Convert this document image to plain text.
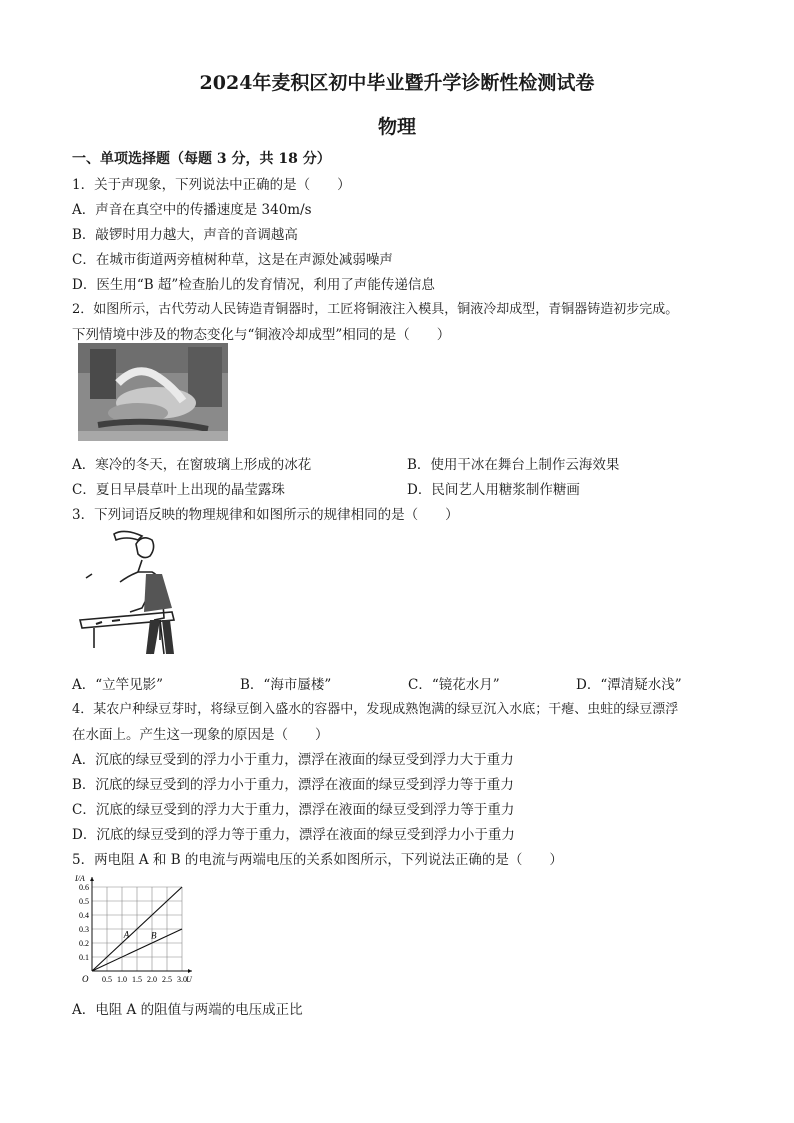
2024年麦积区初中毕业暨升学诊断性检测试卷
物理
一、单项选择题（每题 3 分，共 18 分）
1．关于声现象，下列说法中正确的是（　　）
A．声音在真空中的传播速度是 340m/s
B．敲锣时用力越大，声音的音调越高
C．在城市街道两旁植树种草，这是在声源处减弱噪声
D．医生用“B 超”检查胎儿的发育情况，利用了声能传递信息
2．如图所示，古代劳动人民铸造青铜器时，工匠将铜液注入模具，铜液冷却成型，青铜器铸造初步完成。
下列情境中涉及的物态变化与“铜液冷却成型”相同的是（　　）
A．寒冷的冬天，在窗玻璃上形成的冰花	B．使用干冰在舞台上制作云海效果
C．夏日早晨草叶上出现的晶莹露珠	D．民间艺人用糖浆制作糖画
3．下列词语反映的物理规律和如图所示的规律相同的是（　　）
A．“立竿见影”	B．“海市蜃楼”	C．“镜花水月”	D．“潭清疑水浅”
4．某农户种绿豆芽时，将绿豆倒入盛水的容器中，发现成熟饱满的绿豆沉入水底；干瘪、虫蛀的绿豆漂浮
在水面上。产生这一现象的原因是（　　）
A．沉底的绿豆受到的浮力小于重力，漂浮在液面的绿豆受到浮力大于重力
B．沉底的绿豆受到的浮力小于重力，漂浮在液面的绿豆受到浮力等于重力
C．沉底的绿豆受到的浮力大于重力，漂浮在液面的绿豆受到浮力等于重力
D．沉底的绿豆受到的浮力等于重力，漂浮在液面的绿豆受到浮力小于重力
5．两电阻 A 和 B 的电流与两端电压的关系如图所示，下列说法正确的是（　　）
0.5 1.0 1.5 2.0 2.5 3.0
0.1
0.2
0.3
0.4
0.5
0.6
O
I/A
U
A B
A．电阻 A 的阻值与两端的电压成正比
